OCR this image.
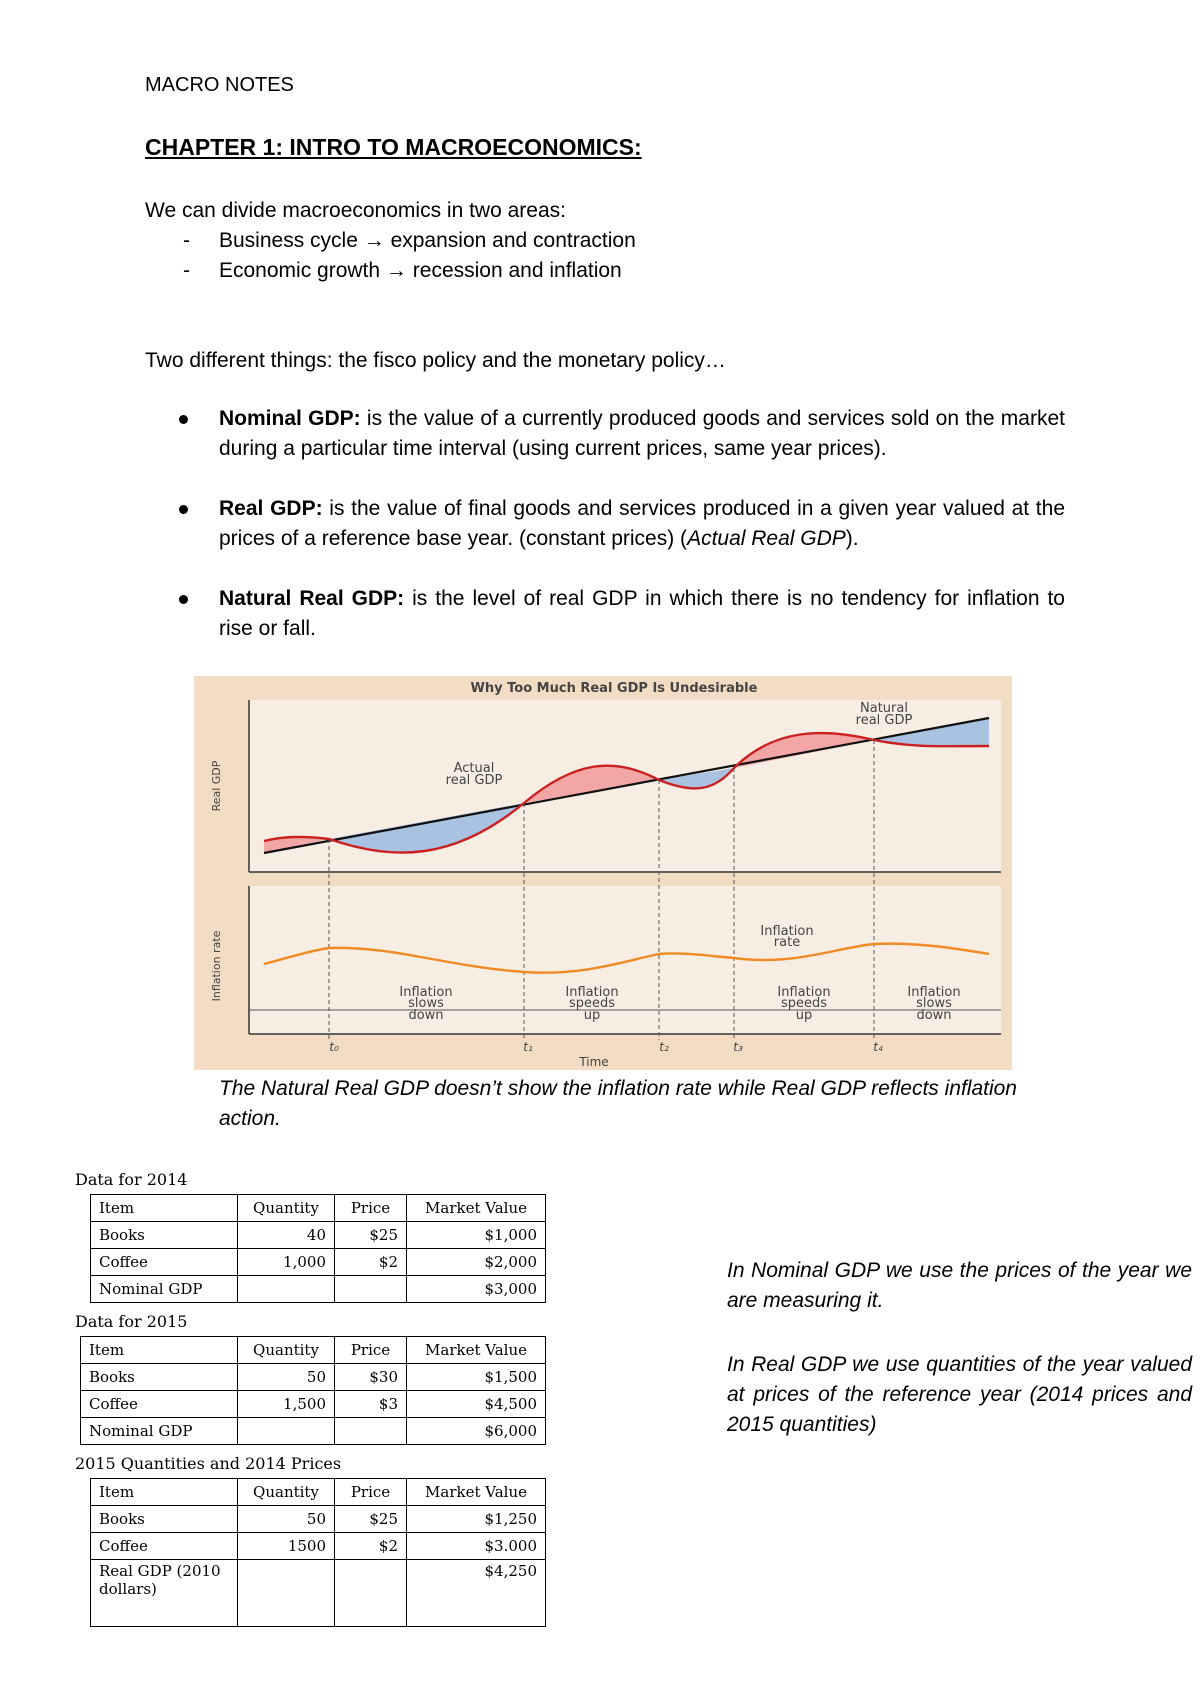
MACRO NOTES
CHAPTER 1: INTRO TO MACROECONOMICS:
We can divide macroeconomics in two areas:
- Business cycle → expansion and contraction
- Economic growth → recession and inflation
Two different things: the fisco policy and the monetary policy…
Nominal GDP: is the value of a currently produced goods and services sold on the market during a particular time interval (using current prices, same year prices).
Real GDP: is the value of final goods and services produced in a given year valued at the prices of a reference base year. (constant prices) (Actual Real GDP).
Natural Real GDP: is the level of real GDP in which there is no tendency for inflation to rise or fall.
Why Too Much Real GDP Is Undesirable
Real GDP
Inflation rate
Natural
real GDP
Actual
real GDP
Inflation
rate
Inflation
slows
down
Inflation
speeds
up
Inflation
speeds
up
Inflation
slows
down
t₀	t₁	t₂	t₃	t₄
Time
The Natural Real GDP doesn’t show the inflation rate while Real GDP reflects inflation action.
Data for 2014
Item	Quantity	Price	Market Value
Books	40	$25	$1,000
Coffee	1,000	$2	$2,000
Nominal GDP			$3,000
Data for 2015
Item	Quantity	Price	Market Value
Books	50	$30	$1,500
Coffee	1,500	$3	$4,500
Nominal GDP			$6,000
2015 Quantities and 2014 Prices
Item	Quantity	Price	Market Value
Books	50	$25	$1,250
Coffee	1500	$2	$3.000
Real GDP (2010 dollars)			$4,250
In Nominal GDP we use the prices of the year we are measuring it.
In Real GDP we use quantities of the year valued at prices of the reference year (2014 prices and 2015 quantities)
